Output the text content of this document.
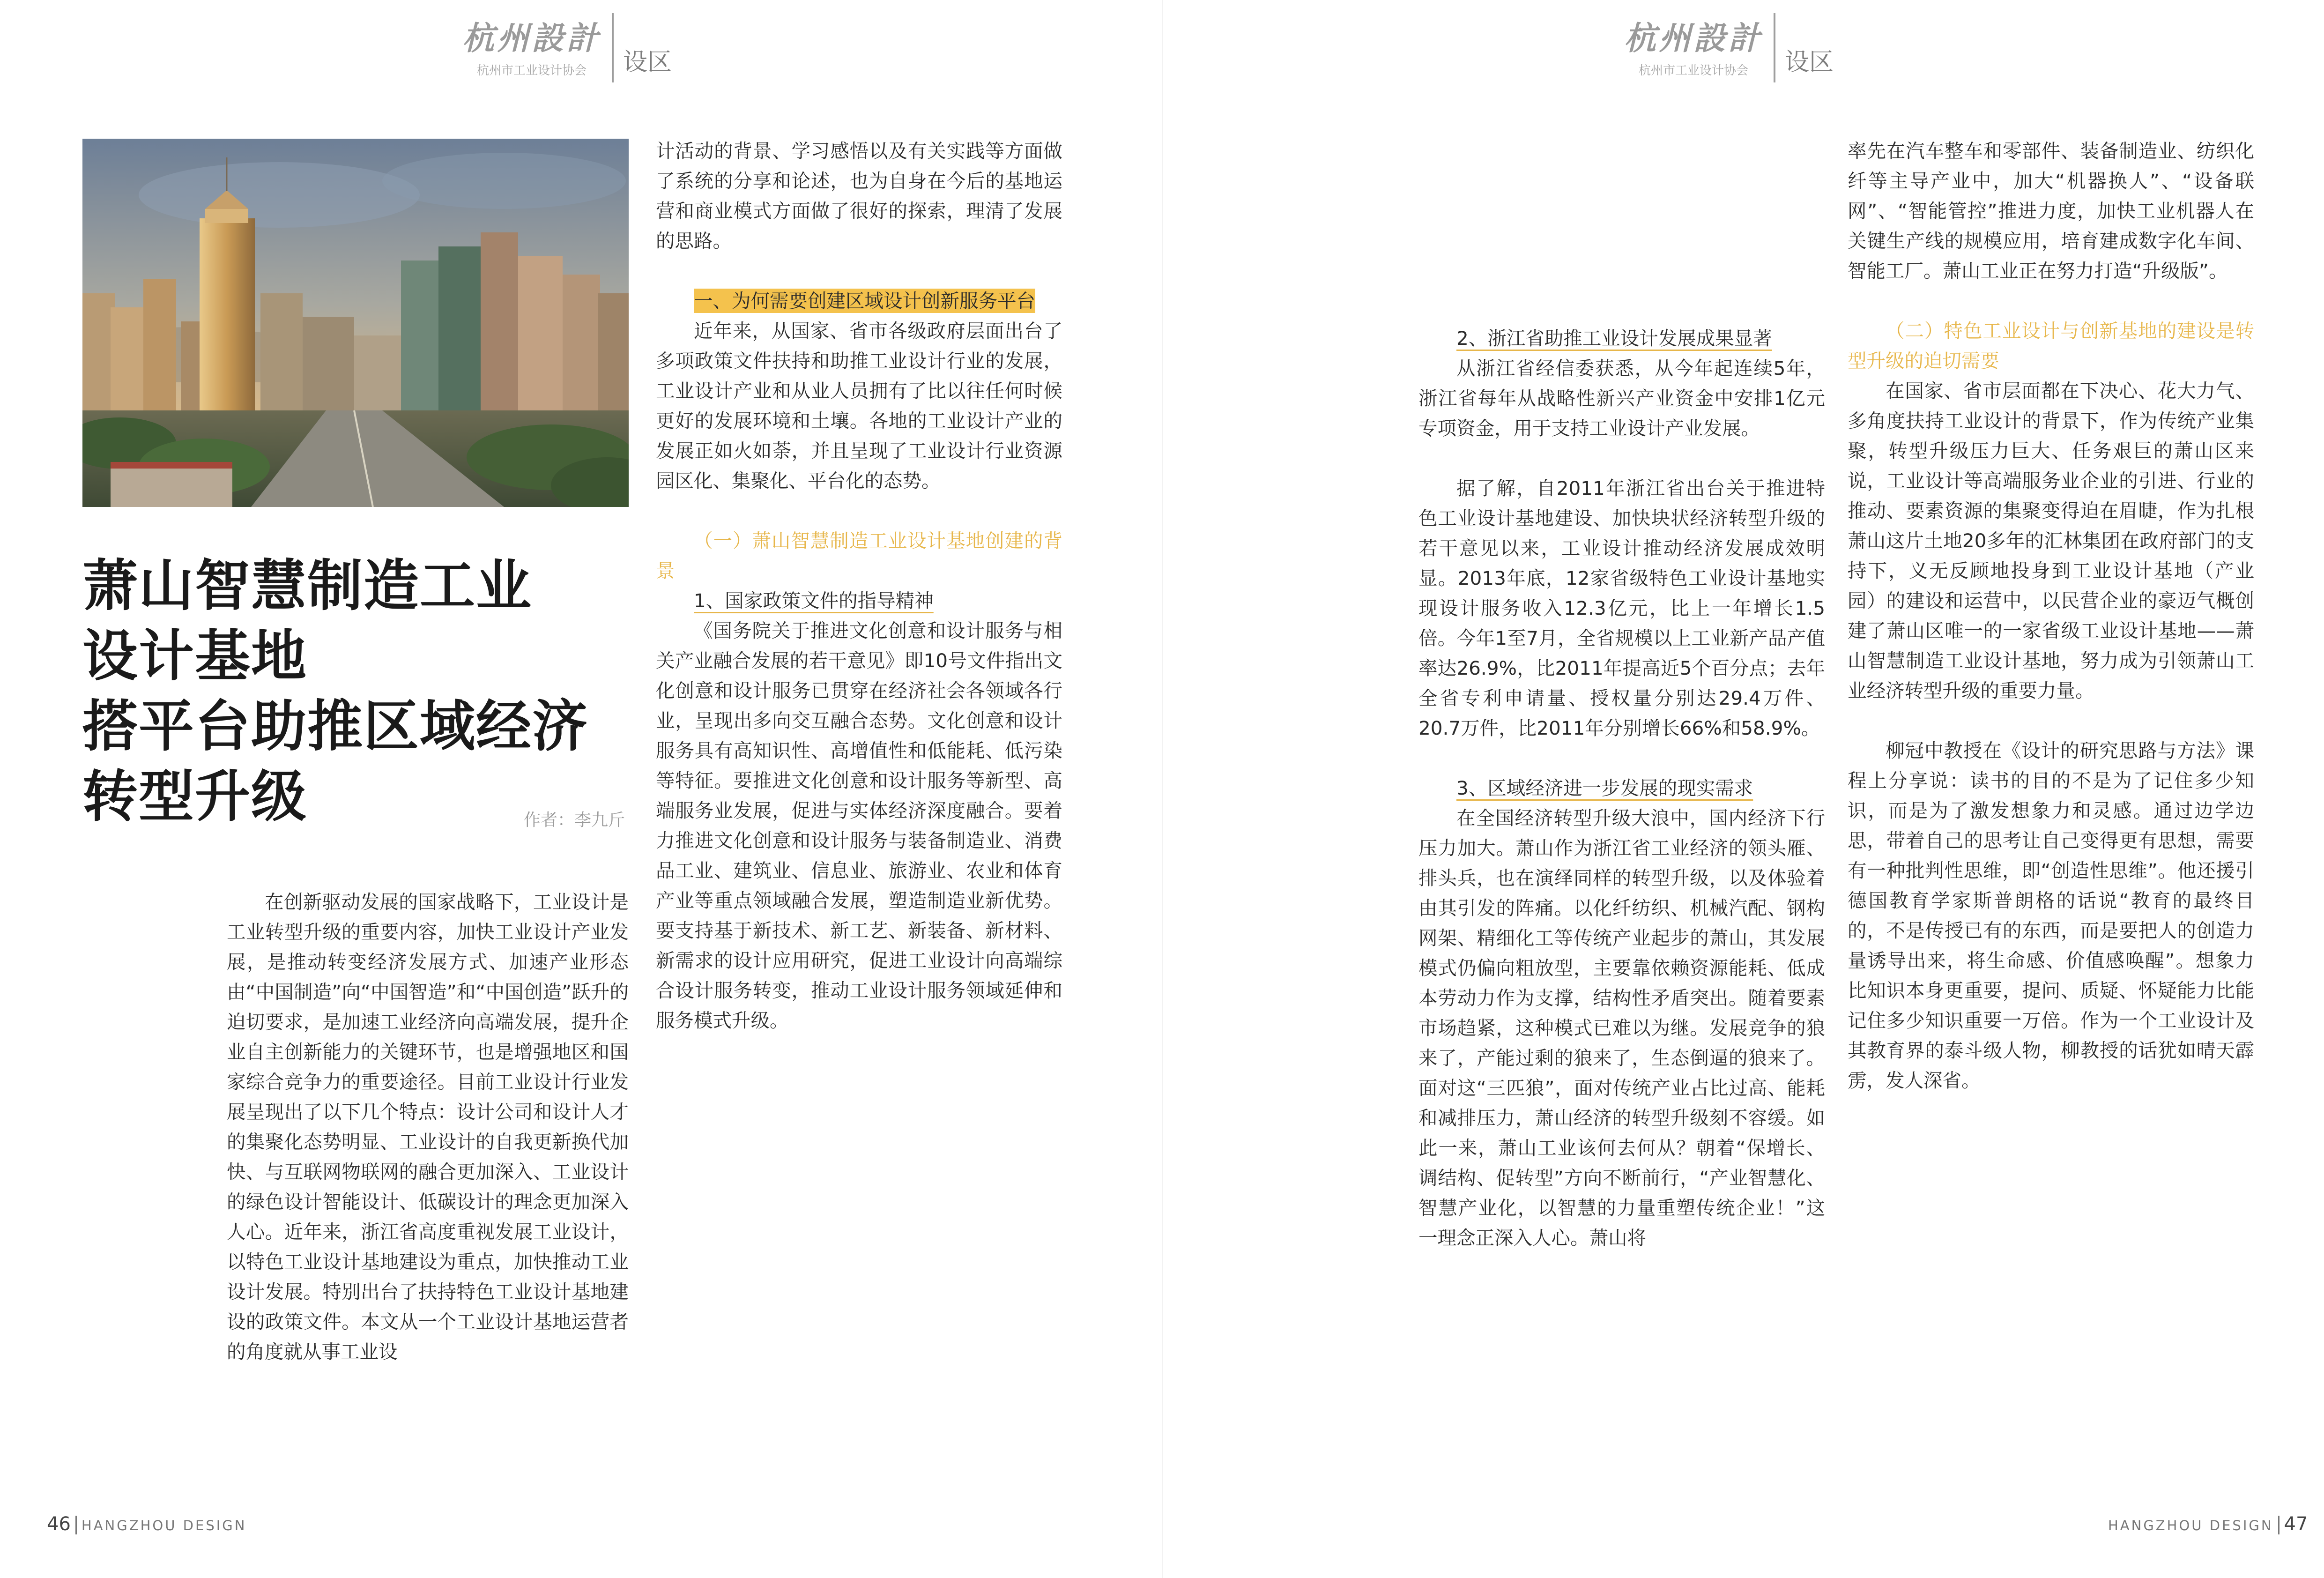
杭州設計
杭州市工业设计协会	设区
杭州設計
杭州市工业设计协会	设区
萧山智慧制造工业
设计基地
搭平台助推区域经济
转型升级	作者：李九斤

在创新驱动发展的国家战略下，工业设计是工业转型升级的重要内容，加快工业设计产业发展，是推动转变经济发展方式、加速产业形态由“中国制造”向“中国智造”和“中国创造”跃升的迫切要求，是加速工业经济向高端发展，提升企业自主创新能力的关键环节，也是增强地区和国家综合竞争力的重要途径。目前工业设计行业发展呈现出了以下几个特点：设计公司和设计人才的集聚化态势明显、工业设计的自我更新换代加快、与互联网物联网的融合更加深入、工业设计的绿色设计智能设计、低碳设计的理念更加深入人心。近年来，浙江省高度重视发展工业设计，以特色工业设计基地建设为重点，加快推动工业设计发展。特别出台了扶持特色工业设计基地建设的政策文件。本文从一个工业设计基地运营者的角度就从事工业设

计活动的背景、学习感悟以及有关实践等方面做了系统的分享和论述，也为自身在今后的基地运营和商业模式方面做了很好的探索，理清了发展的思路。

一、为何需要创建区域设计创新服务平台

近年来，从国家、省市各级政府层面出台了多项政策文件扶持和助推工业设计行业的发展，工业设计产业和从业人员拥有了比以往任何时候更好的发展环境和土壤。各地的工业设计产业的发展正如火如荼，并且呈现了工业设计行业资源园区化、集聚化、平台化的态势。

（一）萧山智慧制造工业设计基地创建的背景

1、国家政策文件的指导精神

《国务院关于推进文化创意和设计服务与相关产业融合发展的若干意见》即10号文件指出文化创意和设计服务已贯穿在经济社会各领域各行业，呈现出多向交互融合态势。文化创意和设计服务具有高知识性、高增值性和低能耗、低污染等特征。要推进文化创意和设计服务等新型、高端服务业发展，促进与实体经济深度融合。要着力推进文化创意和设计服务与装备制造业、消费品工业、建筑业、信息业、旅游业、农业和体育产业等重点领域融合发展，塑造制造业新优势。要支持基于新技术、新工艺、新装备、新材料、新需求的设计应用研究，促进工业设计向高端综合设计服务转变，推动工业设计服务领域延伸和服务模式升级。

2、浙江省助推工业设计发展成果显著

从浙江省经信委获悉，从今年起连续5年，浙江省每年从战略性新兴产业资金中安排1亿元专项资金，用于支持工业设计产业发展。

据了解，自2011年浙江省出台关于推进特色工业设计基地建设、加快块状经济转型升级的若干意见以来，工业设计推动经济发展成效明显。2013年底，12家省级特色工业设计基地实现设计服务收入12.3亿元，比上一年增长1.5倍。今年1至7月，全省规模以上工业新产品产值率达26.9%，比2011年提高近5个百分点；去年全省专利申请量、授权量分别达29.4万件、20.7万件，比2011年分别增长66%和58.9%。

3、区域经济进一步发展的现实需求

在全国经济转型升级大浪中，国内经济下行压力加大。萧山作为浙江省工业经济的领头雁、排头兵，也在演绎同样的转型升级，以及体验着由其引发的阵痛。以化纤纺织、机械汽配、钢构网架、精细化工等传统产业起步的萧山，其发展模式仍偏向粗放型，主要靠依赖资源能耗、低成本劳动力作为支撑，结构性矛盾突出。随着要素市场趋紧，这种模式已难以为继。发展竞争的狼来了，产能过剩的狼来了，生态倒逼的狼来了。面对这“三匹狼”，面对传统产业占比过高、能耗和减排压力，萧山经济的转型升级刻不容缓。如此一来，萧山工业该何去何从？朝着“保增长、调结构、促转型”方向不断前行，“产业智慧化、智慧产业化，以智慧的力量重塑传统企业！”这一理念正深入人心。萧山将

率先在汽车整车和零部件、装备制造业、纺织化纤等主导产业中，加大“机器换人”、“设备联网”、“智能管控”推进力度，加快工业机器人在关键生产线的规模应用，培育建成数字化车间、智能工厂。萧山工业正在努力打造“升级版”。

（二）特色工业设计与创新基地的建设是转型升级的迫切需要

在国家、省市层面都在下决心、花大力气、多角度扶持工业设计的背景下，作为传统产业集聚，转型升级压力巨大、任务艰巨的萧山区来说，工业设计等高端服务业企业的引进、行业的推动、要素资源的集聚变得迫在眉睫，作为扎根萧山这片土地20多年的汇林集团在政府部门的支持下，义无反顾地投身到工业设计基地（产业园）的建设和运营中，以民营企业的豪迈气概创建了萧山区唯一的一家省级工业设计基地——萧山智慧制造工业设计基地，努力成为引领萧山工业经济转型升级的重要力量。

柳冠中教授在《设计的研究思路与方法》课程上分享说：读书的目的不是为了记住多少知识，而是为了激发想象力和灵感。通过边学边思，带着自己的思考让自己变得更有思想，需要有一种批判性思维，即“创造性思维”。他还援引德国教育学家斯普朗格的话说“教育的最终目的，不是传授已有的东西，而是要把人的创造力量诱导出来，将生命感、价值感唤醒”。想象力比知识本身更重要，提问、质疑、怀疑能力比能记住多少知识重要一万倍。作为一个工业设计及其教育界的泰斗级人物，柳教授的话犹如晴天霹雳，发人深省。

46 HANGZHOU DESIGN	HANGZHOU DESIGN 47
